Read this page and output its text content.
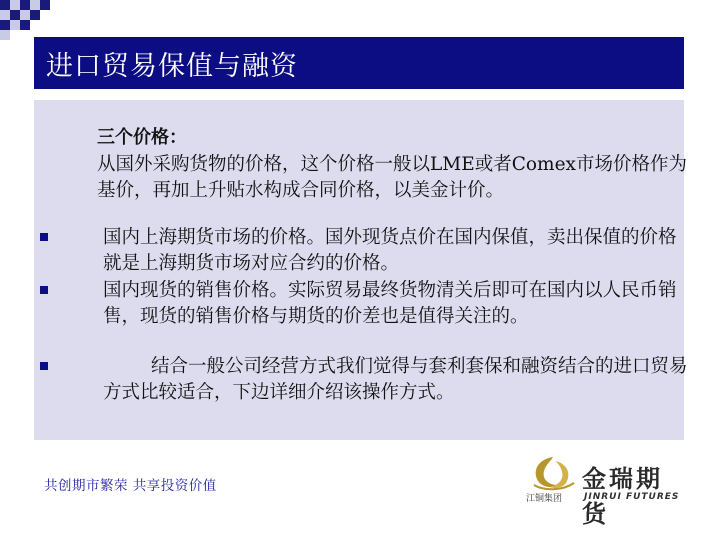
进口贸易保值与融资
三个价格：
从国外采购货物的价格，这个价格一般以LME或者Comex市场价格作为基价，再加上升贴水构成合同价格，以美金计价。
国内上海期货市场的价格。国外现货点价在国内保值，卖出保值的价格就是上海期货市场对应合约的价格。
国内现货的销售价格。实际贸易最终货物清关后即可在国内以人民币销售，现货的销售价格与期货的价差也是值得关注的。
结合一般公司经营方式我们觉得与套利套保和融资结合的进口贸易方式比较适合，下边详细介绍该操作方式。
共创期市繁荣 共享投资价值	金瑞期货
江铜集团 JINRUI FUTURES
